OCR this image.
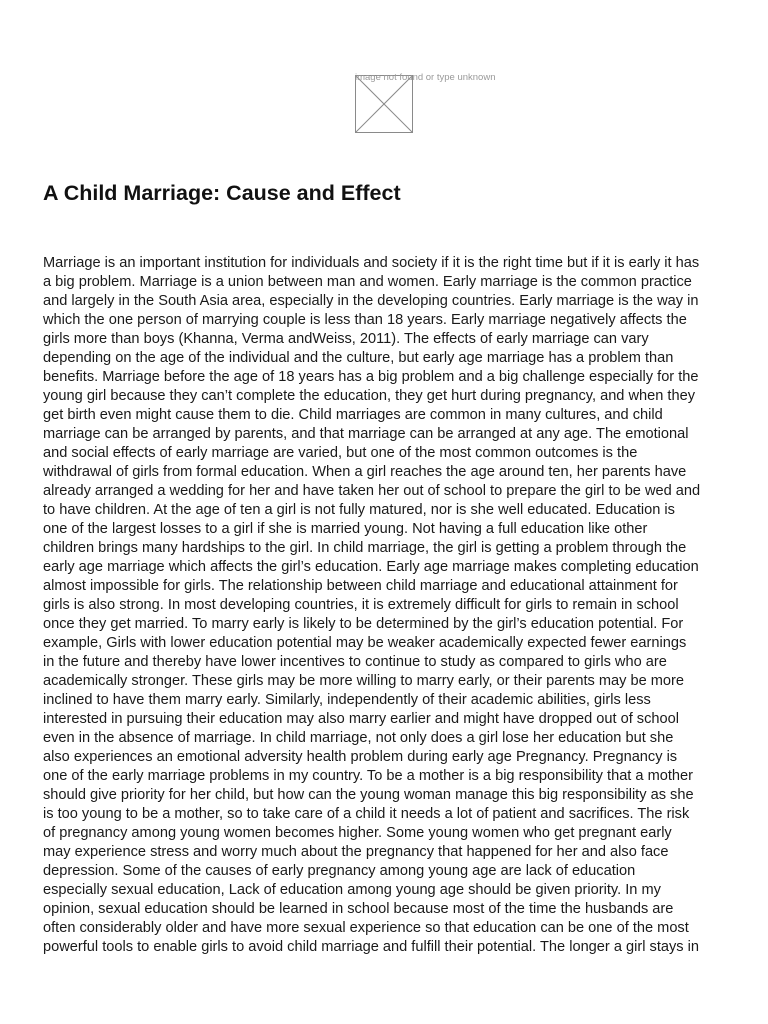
image not found or type unknown
A Child Marriage: Cause and Effect
Marriage is an important institution for individuals and society if it is the right time but if it is early it has
a big problem. Marriage is a union between man and women. Early marriage is the common practice
and largely in the South Asia area, especially in the developing countries. Early marriage is the way in
which the one person of marrying couple is less than 18 years. Early marriage negatively affects the
girls more than boys (Khanna, Verma andWeiss, 2011). The effects of early marriage can vary
depending on the age of the individual and the culture, but early age marriage has a problem than
benefits. Marriage before the age of 18 years has a big problem and a big challenge especially for the
young girl because they can’t complete the education, they get hurt during pregnancy, and when they
get birth even might cause them to die. Child marriages are common in many cultures, and child
marriage can be arranged by parents, and that marriage can be arranged at any age. The emotional
and social effects of early marriage are varied, but one of the most common outcomes is the
withdrawal of girls from formal education. When a girl reaches the age around ten, her parents have
already arranged a wedding for her and have taken her out of school to prepare the girl to be wed and
to have children. At the age of ten a girl is not fully matured, nor is she well educated. Education is
one of the largest losses to a girl if she is married young. Not having a full education like other
children brings many hardships to the girl. In child marriage, the girl is getting a problem through the
early age marriage which affects the girl’s education. Early age marriage makes completing education
almost impossible for girls. The relationship between child marriage and educational attainment for
girls is also strong. In most developing countries, it is extremely difficult for girls to remain in school
once they get married. To marry early is likely to be determined by the girl’s education potential. For
example, Girls with lower education potential may be weaker academically expected fewer earnings
in the future and thereby have lower incentives to continue to study as compared to girls who are
academically stronger. These girls may be more willing to marry early, or their parents may be more
inclined to have them marry early. Similarly, independently of their academic abilities, girls less
interested in pursuing their education may also marry earlier and might have dropped out of school
even in the absence of marriage. In child marriage, not only does a girl lose her education but she
also experiences an emotional adversity health problem during early age Pregnancy. Pregnancy is
one of the early marriage problems in my country. To be a mother is a big responsibility that a mother
should give priority for her child, but how can the young woman manage this big responsibility as she
is too young to be a mother, so to take care of a child it needs a lot of patient and sacrifices. The risk
of pregnancy among young women becomes higher. Some young women who get pregnant early
may experience stress and worry much about the pregnancy that happened for her and also face
depression. Some of the causes of early pregnancy among young age are lack of education
especially sexual education, Lack of education among young age should be given priority. In my
opinion, sexual education should be learned in school because most of the time the husbands are
often considerably older and have more sexual experience so that education can be one of the most
powerful tools to enable girls to avoid child marriage and fulfill their potential. The longer a girl stays in
